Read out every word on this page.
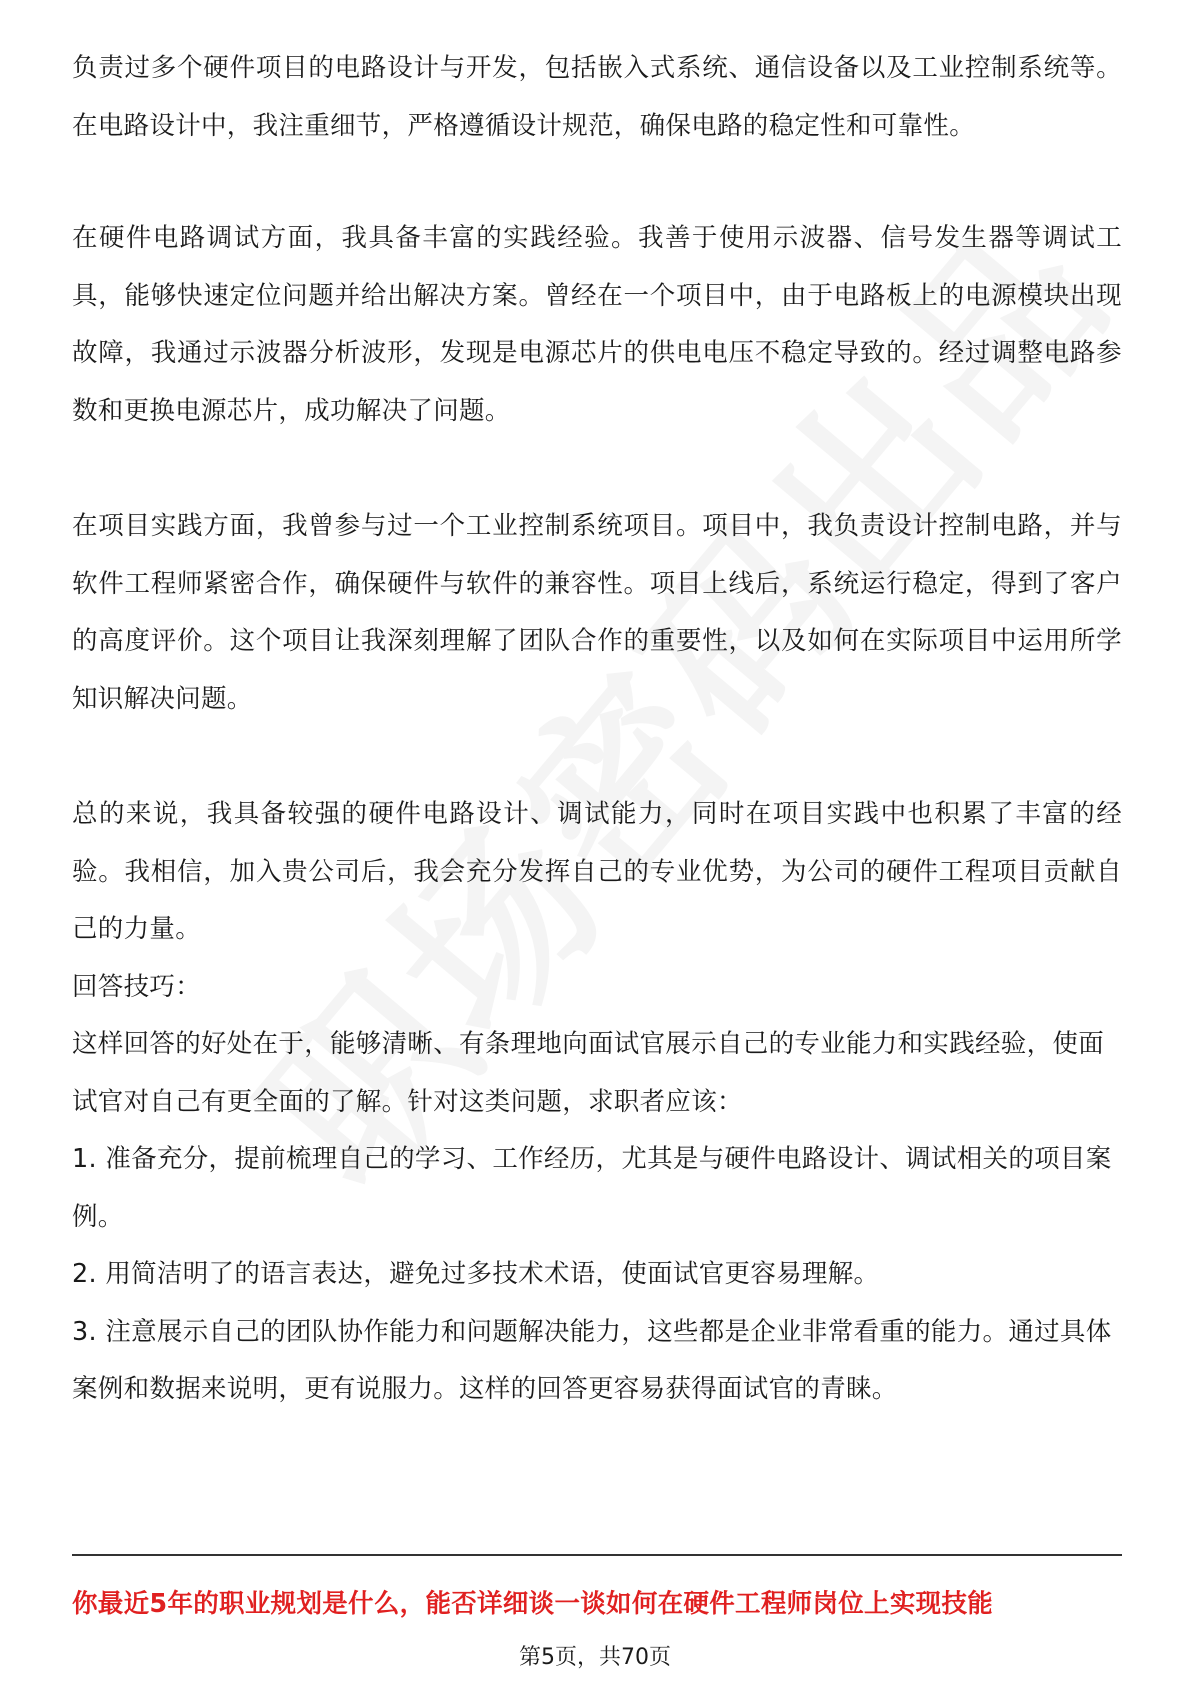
负责过多个硬件项目的电路设计与开发，包括嵌入式系统、通信设备以及工业控制系统等。在电路设计中，我注重细节，严格遵循设计规范，确保电路的稳定性和可靠性。

在硬件电路调试方面，我具备丰富的实践经验。我善于使用示波器、信号发生器等调试工具，能够快速定位问题并给出解决方案。曾经在一个项目中，由于电路板上的电源模块出现故障，我通过示波器分析波形，发现是电源芯片的供电电压不稳定导致的。经过调整电路参数和更换电源芯片，成功解决了问题。

在项目实践方面，我曾参与过一个工业控制系统项目。项目中，我负责设计控制电路，并与软件工程师紧密合作，确保硬件与软件的兼容性。项目上线后，系统运行稳定，得到了客户的高度评价。这个项目让我深刻理解了团队合作的重要性，以及如何在实际项目中运用所学知识解决问题。

总的来说，我具备较强的硬件电路设计、调试能力，同时在项目实践中也积累了丰富的经验。我相信，加入贵公司后，我会充分发挥自己的专业优势，为公司的硬件工程项目贡献自己的力量。

回答技巧：

这样回答的好处在于，能够清晰、有条理地向面试官展示自己的专业能力和实践经验，使面试官对自己有更全面的了解。针对这类问题，求职者应该：

1. 准备充分，提前梳理自己的学习、工作经历，尤其是与硬件电路设计、调试相关的项目案例。

2. 用简洁明了的语言表达，避免过多技术术语，使面试官更容易理解。

3. 注意展示自己的团队协作能力和问题解决能力，这些都是企业非常看重的能力。通过具体案例和数据来说明，更有说服力。这样的回答更容易获得面试官的青睐。

你最近5年的职业规划是什么，能否详细谈一谈如何在硬件工程师岗位上实现技能
第5页，共70页
